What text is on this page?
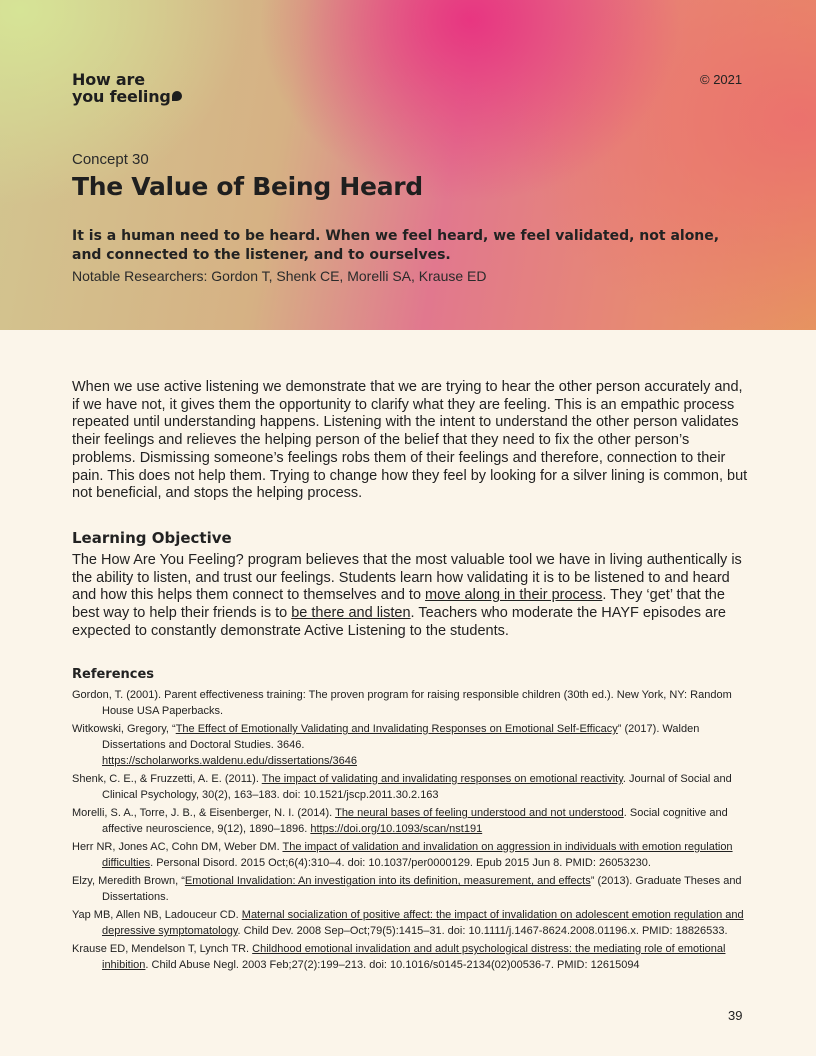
How are
you feeling
© 2021
Concept 30
The Value of Being Heard

It is a human need to be heard. When we feel heard, we feel validated, not alone, and connected to the listener, and to ourselves.

Notable Researchers: Gordon T, Shenk CE, Morelli SA, Krause ED

When we use active listening we demonstrate that we are trying to hear the other person accurately and, if we have not, it gives them the opportunity to clarify what they are feeling. This is an empathic process repeated until understanding happens. Listening with the intent to understand the other person validates their feelings and relieves the helping person of the belief that they need to fix the other person’s problems. Dismissing someone’s feelings robs them of their feelings and therefore, connection to their pain. This does not help them. Trying to change how they feel by looking for a silver lining is common, but not beneficial, and stops the helping process.

Learning Objective

The How Are You Feeling? program believes that the most valuable tool we have in living authentically is the ability to listen, and trust our feelings. Students learn how validating it is to be listened to and heard and how this helps them connect to themselves and to move along in their process. They ‘get’ that the best way to help their friends is to be there and listen. Teachers who moderate the HAYF episodes are expected to constantly demonstrate Active Listening to the students.

References

Gordon, T. (2001). Parent effectiveness training: The proven program for raising responsible children (30th ed.). New York, NY: Random House USA Paperbacks.

Witkowski, Gregory, “The Effect of Emotionally Validating and Invalidating Responses on Emotional Self-Efficacy” (2017). Walden Dissertations and Doctoral Studies. 3646.
https://scholarworks.waldenu.edu/dissertations/3646

Shenk, C. E., & Fruzzetti, A. E. (2011). The impact of validating and invalidating responses on emotional reactivity. Journal of Social and Clinical Psychology, 30(2), 163–183. doi: 10.1521/jscp.2011.30.2.163

Morelli, S. A., Torre, J. B., & Eisenberger, N. I. (2014). The neural bases of feeling understood and not understood. Social cognitive and affective neuroscience, 9(12), 1890–1896. https://doi.org/10.1093/scan/nst191

Herr NR, Jones AC, Cohn DM, Weber DM. The impact of validation and invalidation on aggression in individuals with emotion regulation difficulties. Personal Disord. 2015 Oct;6(4):310–4. doi: 10.1037/per0000129. Epub 2015 Jun 8. PMID: 26053230.

Elzy, Meredith Brown, “Emotional Invalidation: An investigation into its definition, measurement, and effects” (2013). Graduate Theses and Dissertations.

Yap MB, Allen NB, Ladouceur CD. Maternal socialization of positive affect: the impact of invalidation on adolescent emotion regulation and depressive symptomatology. Child Dev. 2008 Sep–Oct;79(5):1415–31. doi: 10.1111/j.1467-8624.2008.01196.x. PMID: 18826533.

Krause ED, Mendelson T, Lynch TR. Childhood emotional invalidation and adult psychological distress: the mediating role of emotional inhibition. Child Abuse Negl. 2003 Feb;27(2):199–213. doi: 10.1016/s0145-2134(02)00536-7. PMID: 12615094

39
